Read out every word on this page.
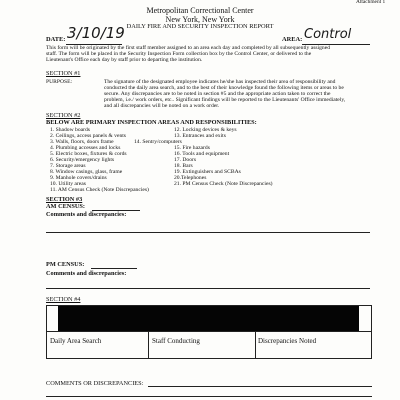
Attachment 1
Metropolitan Correctional Center
New York, New York
DAILY FIRE AND SECURITY INSPECTION REPORT
DATE: 3/10/19	AREA: Control
This form will be originated by the first staff member assigned to an area each day and completed by all subsequently assigned
staff. The form will be placed in the Security Inspection Form collection box by the Control Center, or delivered to the
Lieutenant's Office each day by staff prior to departing the institution.
SECTION #1
PURPOSE:	The signature of the designated employee indicates he/she has inspected their area of responsibility and
conducted the daily area search, and to the best of their knowledge found the following items or areas to be
secure. Any discrepancies are to be noted in section #5 and the appropriate action taken to correct the
problem, i.e./ work orders, etc.. Significant findings will be reported to the Lieutenants' Office immediately,
and all discrepancies will be noted on a work order.
SECTION #2
BELOW ARE PRIMARY INSPECTION AREAS AND RESPONSIBILITIES:
1. Shadow boards
2. Ceilings, access panels & vents
3. Walls, floors, doors frame
4. Plumbing accesses and locks
5. Electric boxes, fixtures & cords
6. Security/emergency lights
7. Storage areas
8. Window casings, glass, frame
9. Manhole covers/drains
10. Utility areas
11. AM Census Check (Note Discrepancies)
12. Locking devices & keys
13. Entrances and exits
14. Sentry/computers
15. Fire hazards
16. Tools and equipment
17. Doors
18. Bars
19. Extinguishers and SCBAs
20.Telephones
21. PM Census Check (Note Discrepancies)
SECTION #3
AM CENSUS:
Comments and discrepancies:
PM CENSUS:
Comments and discrepancies:
SECTION #4
Daily Area Search	Staff Conducting	Discrepancies Noted
COMMENTS OR DISCREPANCIES:
